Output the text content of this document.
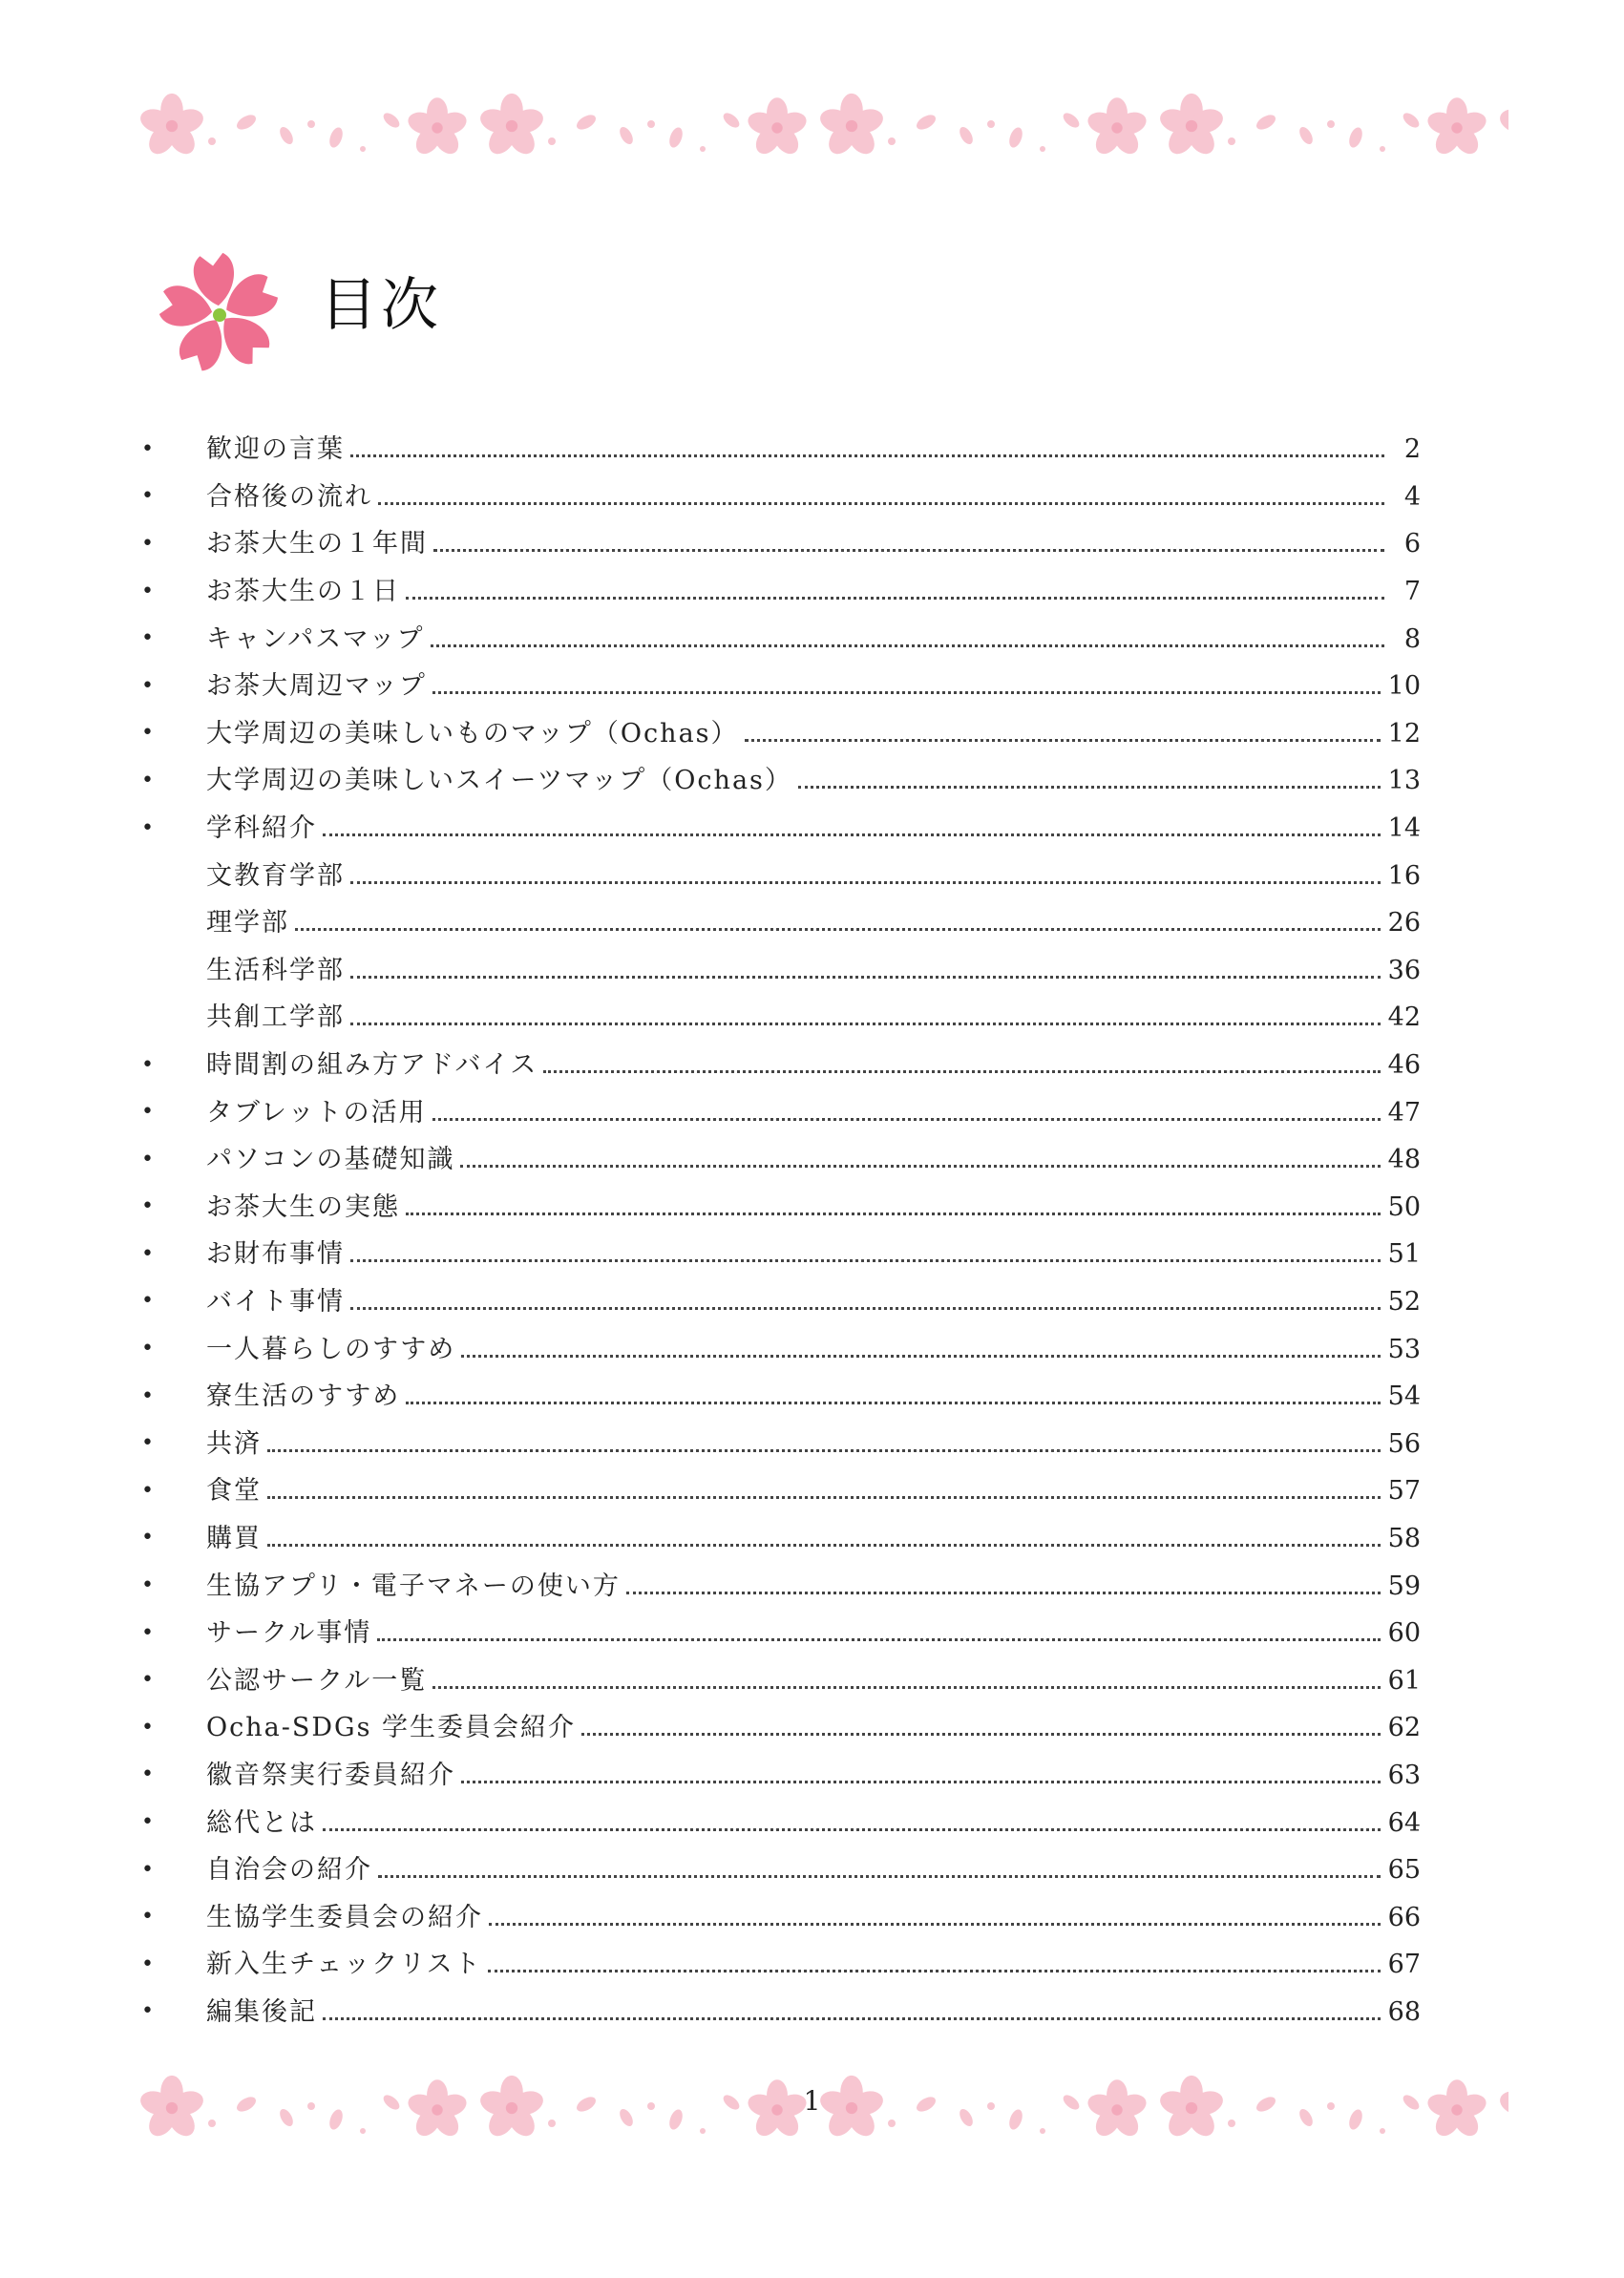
目次
•	歓迎の言葉	2
•	合格後の流れ	4
•	お茶大生の１年間	6
•	お茶大生の１日	7
•	キャンパスマップ	8
•	お茶大周辺マップ	10
•	大学周辺の美味しいものマップ（Ochas）	12
•	大学周辺の美味しいスイーツマップ（Ochas）	13
•	学科紹介	14
文教育学部	16
理学部	26
生活科学部	36
共創工学部	42
•	時間割の組み方アドバイス	46
•	タブレットの活用	47
•	パソコンの基礎知識	48
•	お茶大生の実態	50
•	お財布事情	51
•	バイト事情	52
•	一人暮らしのすすめ	53
•	寮生活のすすめ	54
•	共済	56
•	食堂	57
•	購買	58
•	生協アプリ・電子マネーの使い方	59
•	サークル事情	60
•	公認サークル一覧	61
•	Ocha-SDGs 学生委員会紹介	62
•	徽音祭実行委員紹介	63
•	総代とは	64
•	自治会の紹介	65
•	生協学生委員会の紹介	66
•	新入生チェックリスト	67
•	編集後記	68
1
